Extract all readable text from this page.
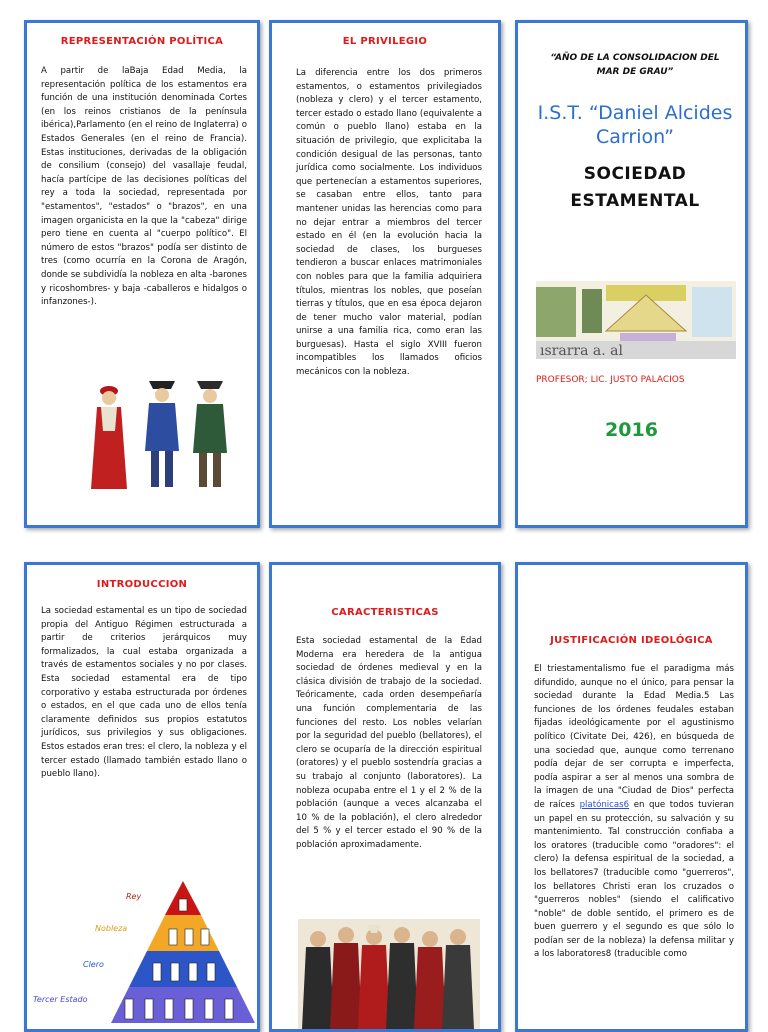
REPRESENTACIÓN POLÍTICA
A partir de laBaja Edad Media, la representación política de los estamentos era función de una institución denominada Cortes (en los reinos cristianos de la península ibérica),Parlamento (en el reino de Inglaterra) o Estados Generales (en el reino de Francia). Estas instituciones, derivadas de la obligación de consilium (consejo) del vasallaje feudal, hacía partícipe de las decisiones políticas del rey a toda la sociedad, representada por "estamentos", "estados" o "brazos", en una imagen organicista en la que la "cabeza" dirige pero tiene en cuenta al "cuerpo político". El número de estos "brazos" podía ser distinto de tres (como ocurría en la Corona de Aragón, donde se subdividía la nobleza en alta -barones y ricoshombres- y baja -caballeros e hidalgos o infanzones-).
EL PRIVILEGIO
La diferencia entre los dos primeros estamentos, o estamentos privilegiados (nobleza y clero) y el tercer estamento, tercer estado o estado llano (equivalente a común o pueblo llano) estaba en la situación de privilegio, que explicitaba la condición desigual de las personas, tanto jurídica como socialmente. Los individuos que pertenecían a estamentos superiores, se casaban entre ellos, tanto para mantener unidas las herencias como para no dejar entrar a miembros del tercer estado en él (en la evolución hacia la sociedad de clases, los burgueses tendieron a buscar enlaces matrimoniales con nobles para que la familia adquiriera títulos, mientras los nobles, que poseían tierras y títulos, que en esa época dejaron de tener mucho valor material, podían unirse a una familia rica, como eran las burguesas). Hasta el siglo XVIII fueron incompatibles los llamados oficios mecánicos con la nobleza.
“AÑO DE LA CONSOLIDACION DEL MAR DE GRAU”
I.S.T. “Daniel Alcides Carrion”
SOCIEDAD
ESTAMENTAL
ısrarra a. al
PROFESOR; LIC. JUSTO PALACIOS
2016
INTRODUCCION
La sociedad estamental es un tipo de sociedad propia del Antiguo Régimen estructurada a partir de criterios jerárquicos muy formalizados, la cual estaba organizada a través de estamentos sociales y no por clases. Esta sociedad estamental era de tipo corporativo y estaba estructurada por órdenes o estados, en el que cada uno de ellos tenía claramente definidos sus propios estatutos jurídicos, sus privilegios y sus obligaciones. Estos estados eran tres: el clero, la nobleza y el tercer estado (llamado también estado llano o pueblo llano).
Rey
Nobleza
Clero
Tercer Estado
CARACTERISTICAS
Esta sociedad estamental de la Edad Moderna era heredera de la antigua sociedad de órdenes medieval y en la clásica división de trabajo de la sociedad. Teóricamente, cada orden desempeñaría una función complementaria de las funciones del resto. Los nobles velarían por la seguridad del pueblo (bellatores), el clero se ocuparía de la dirección espiritual (oratores) y el pueblo sostendría gracias a su trabajo al conjunto (laboratores). La nobleza ocupaba entre el 1 y el 2 % de la población (aunque a veces alcanzaba el 10 % de la población), el clero alrededor del 5 % y el tercer estado el 90 % de la población aproximadamente.
JUSTIFICACIÓN IDEOLÓGICA
El triestamentalismo fue el paradigma más difundido, aunque no el único, para pensar la sociedad durante la Edad Media.5 Las funciones de los órdenes feudales estaban fijadas ideológicamente por el agustinismo político (Civitate Dei, 426), en búsqueda de una sociedad que, aunque como terrenano podía dejar de ser corrupta e imperfecta, podía aspirar a ser al menos una sombra de la imagen de una "Ciudad de Dios" perfecta de raíces platónicas6 en que todos tuvieran un papel en su protección, su salvación y su mantenimiento. Tal construcción confiaba a los oratores (traducible como "oradores": el clero) la defensa espiritual de la sociedad, a los bellatores7 (traducible como "guerreros", los bellatores Christi eran los cruzados o "guerreros nobles" (siendo el calificativo "noble" de doble sentido, el primero es de buen guerrero y el segundo es que sólo lo podían ser de la nobleza) la defensa militar y a los laboratores8 (traducible como
